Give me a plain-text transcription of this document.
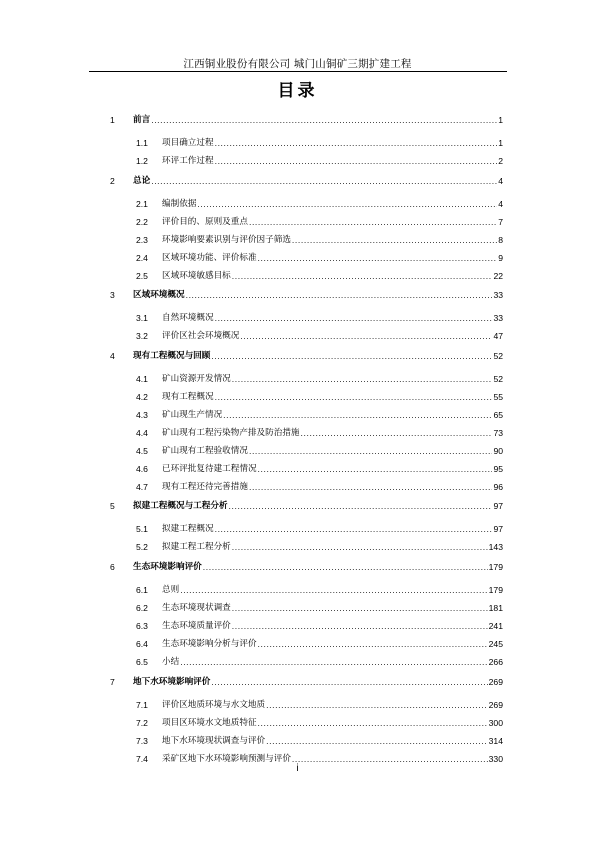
江西铜业股份有限公司 城门山铜矿三期扩建工程
目录
1 前言 .....	1
1.1 项目确立过程 .....	1
1.2 环评工作过程 .....	2
2 总论 .....	4
2.1 编制依据 .....	4
2.2 评价目的、原则及重点 .....	7
2.3 环境影响要素识别与评价因子筛选 .....	8
2.4 区域环境功能、评价标准 .....	9
2.5 区域环境敏感目标 .....	22
3 区域环境概况 .....	33
3.1 自然环境概况 .....	33
3.2 评价区社会环境概况 .....	47
4 现有工程概况与回顾 .....	52
4.1 矿山资源开发情况 .....	52
4.2 现有工程概况 .....	55
4.3 矿山现生产情况 .....	65
4.4 矿山现有工程污染物产排及防治措施 .....	73
4.5 矿山现有工程验收情况 .....	90
4.6 已环评批复待建工程情况 .....	95
4.7 现有工程还待完善措施 .....	96
5 拟建工程概况与工程分析 .....	97
5.1 拟建工程概况 .....	97
5.2 拟建工程工程分析 .....	143
6 生态环境影响评价 .....	179
6.1 总则 .....	179
6.2 生态环境现状调查 .....	181
6.3 生态环境质量评价 .....	241
6.4 生态环境影响分析与评价 .....	245
6.5 小结 .....	266
7 地下水环境影响评价 .....	269
7.1 评价区地质环境与水文地质 .....	269
7.2 项目区环境水文地质特征 .....	300
7.3 地下水环境现状调查与评价 .....	314
7.4 采矿区地下水环境影响预测与评价 .....	330
i
